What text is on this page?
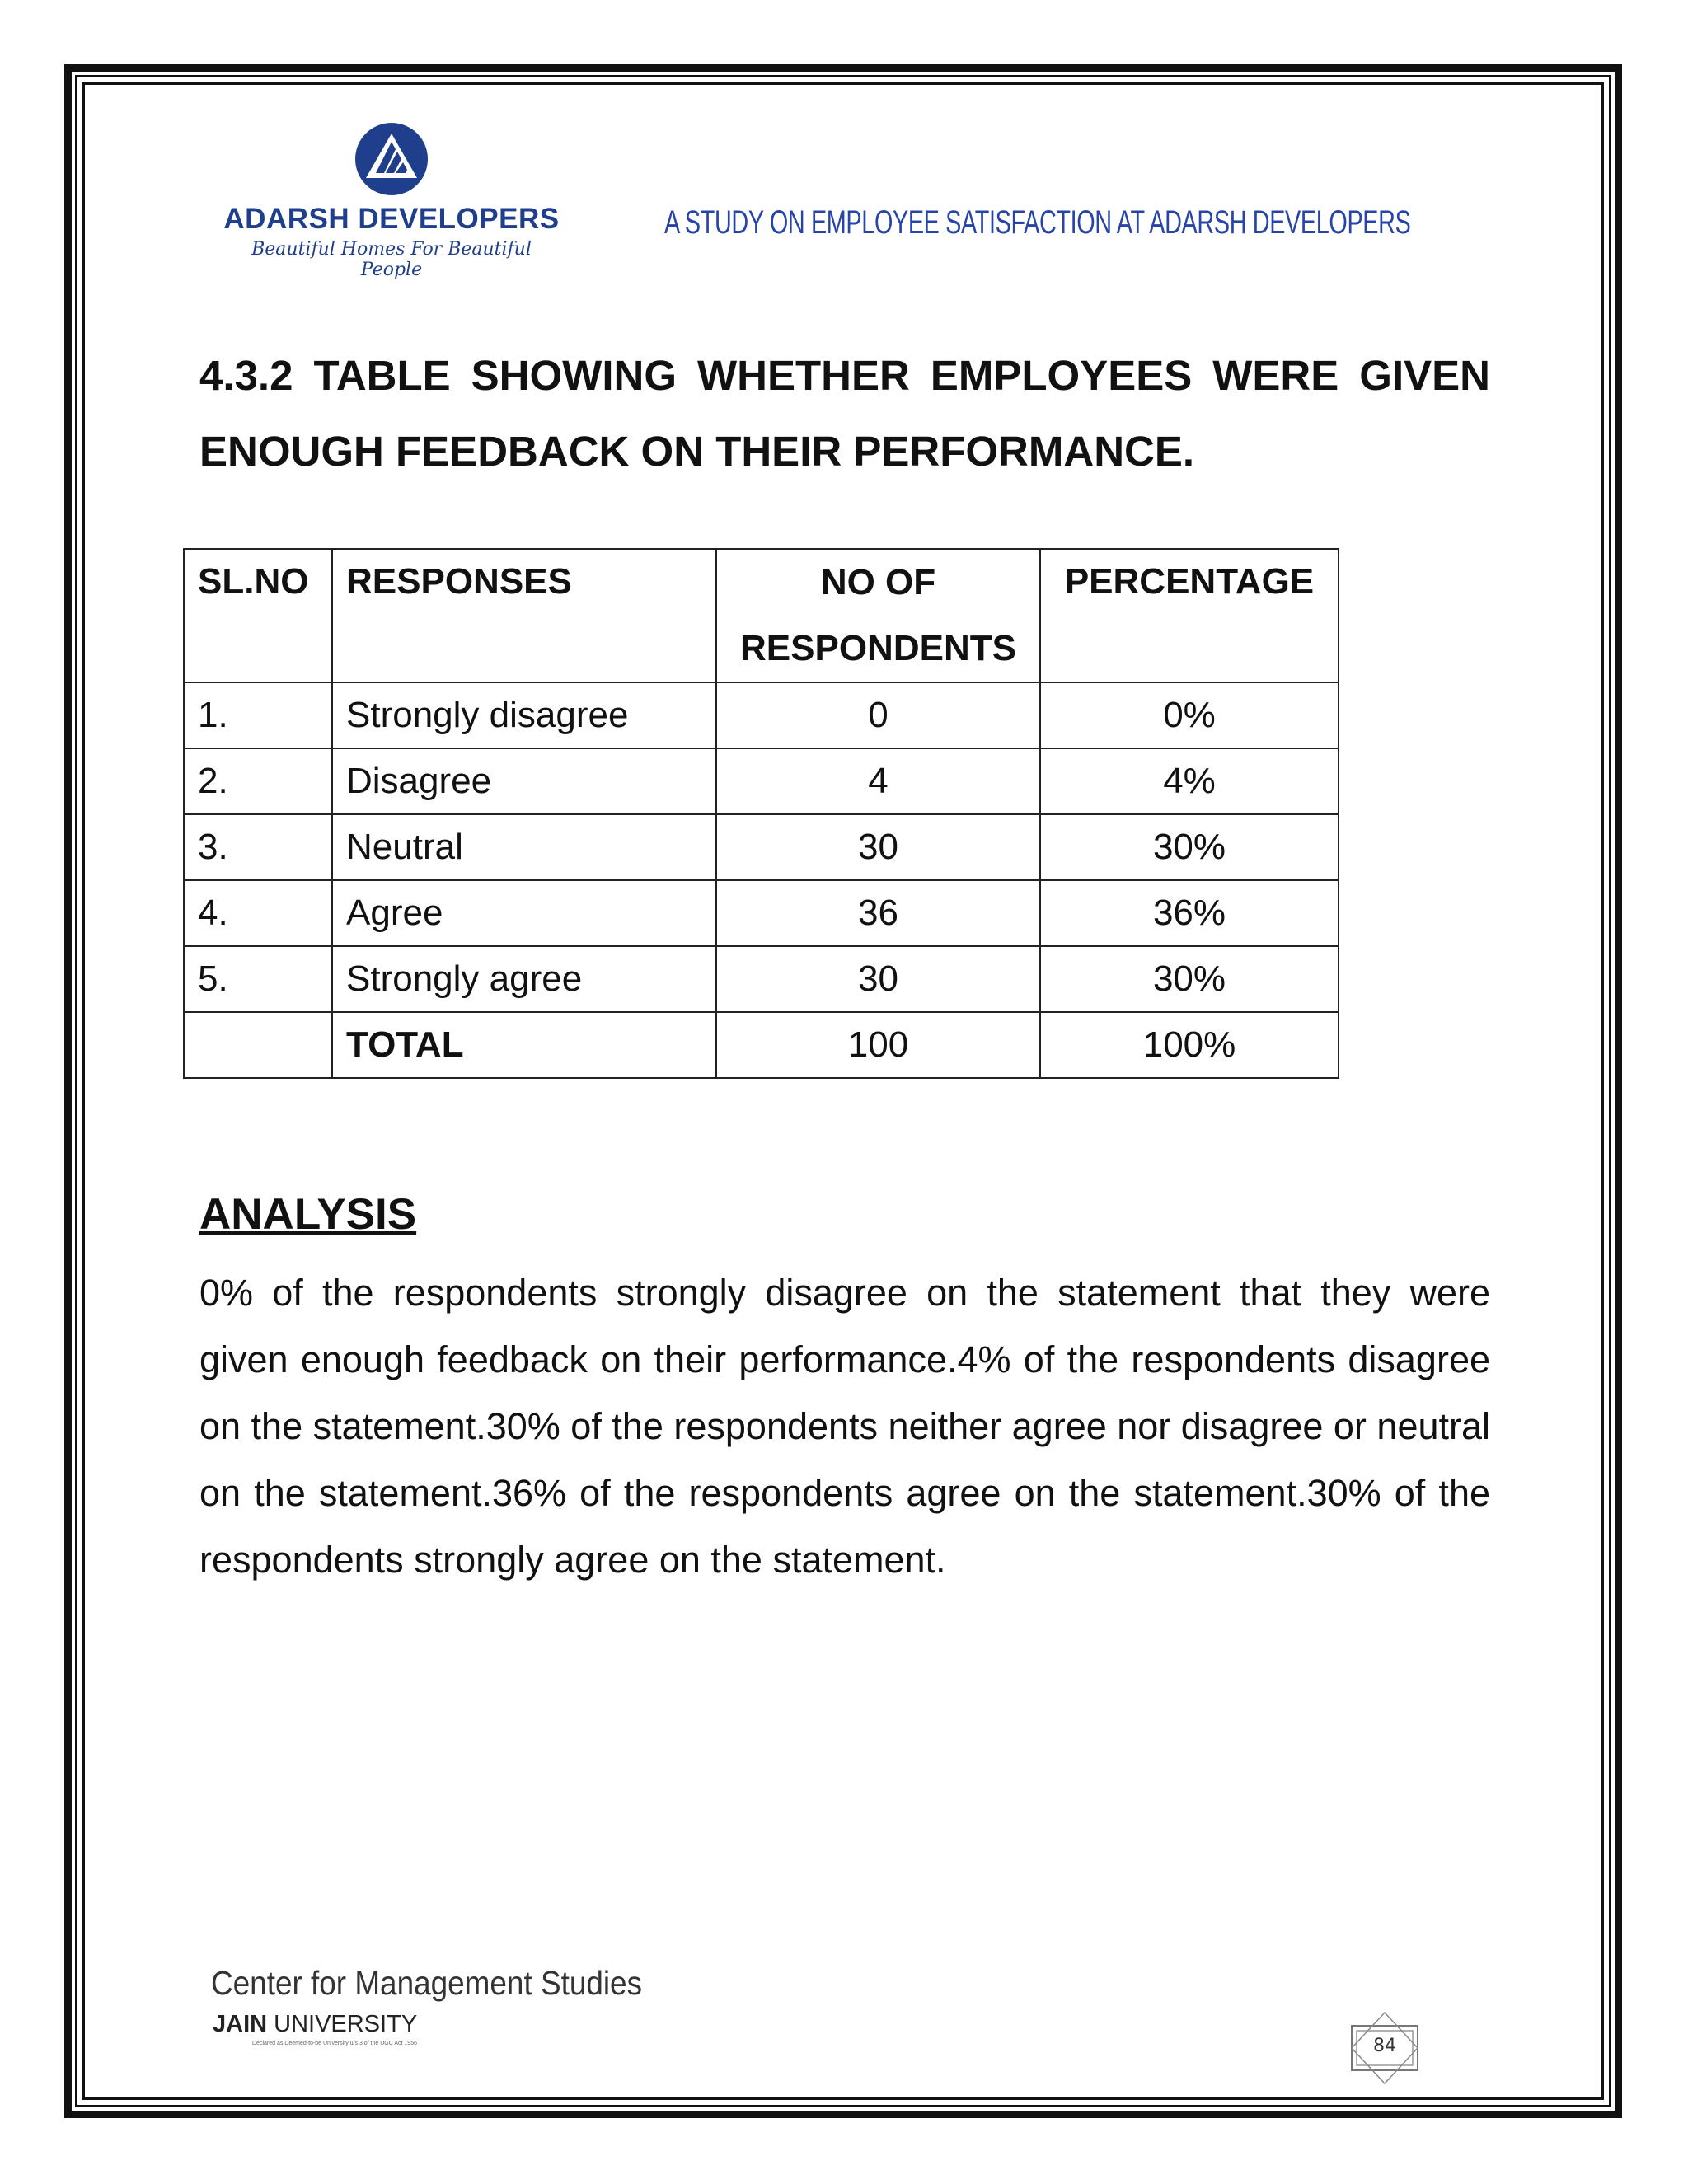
ADARSH DEVELOPERS
Beautiful Homes For Beautiful People
A STUDY ON EMPLOYEE SATISFACTION AT ADARSH DEVELOPERS
4.3.2 TABLE SHOWING WHETHER EMPLOYEES WERE GIVEN ENOUGH FEEDBACK ON THEIR PERFORMANCE.
SL.NO	RESPONSES	NO OF RESPONDENTS	PERCENTAGE
1.	Strongly disagree	0	0%
2.	Disagree	4	4%
3.	Neutral	30	30%
4.	Agree	36	36%
5.	Strongly agree	30	30%
	TOTAL	100	100%
ANALYSIS
0% of the respondents strongly disagree on the statement that they were given enough feedback on their performance.4% of the respondents disagree on the statement.30% of the respondents neither agree nor disagree or neutral on the statement.36% of the respondents agree on the statement.30% of the respondents strongly agree on the statement.
Center for Management Studies
JAIN UNIVERSITY
Declared as Deemed-to-be University u/s 3 of the UGC Act 1956	84
